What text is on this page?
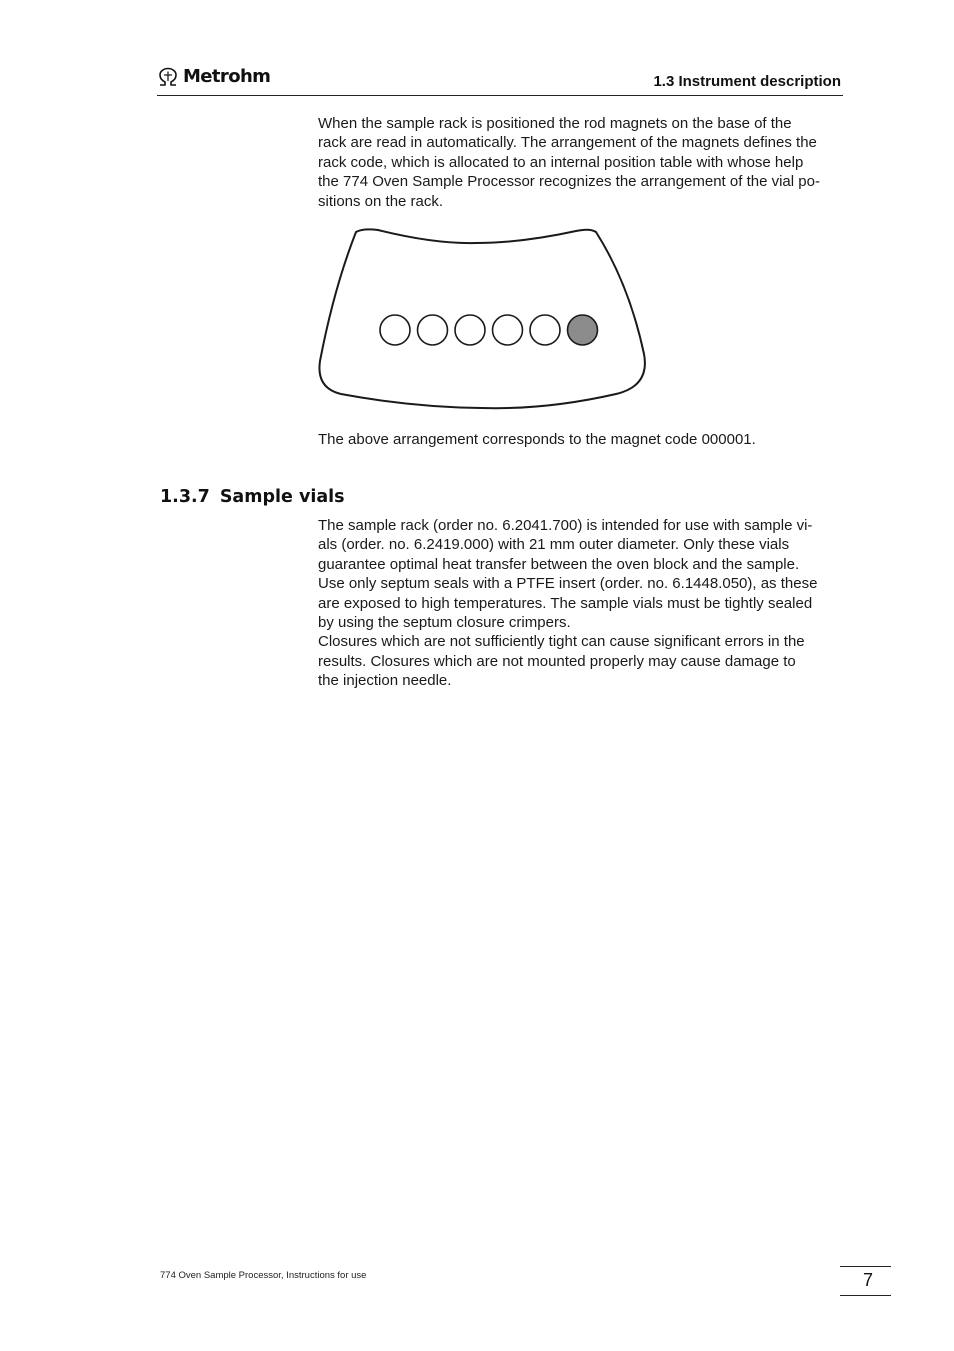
Metrohm	1.3 Instrument description

When the sample rack is positioned the rod magnets on the base of the
rack are read in automatically. The arrangement of the magnets defines the
rack code, which is allocated to an internal position table with whose help
the 774 Oven Sample Processor recognizes the arrangement of the vial po-
sitions on the rack.

The above arrangement corresponds to the magnet code 000001.

1.3.7 Sample vials

The sample rack (order no. 6.2041.700) is intended for use with sample vi-
als (order. no. 6.2419.000) with 21 mm outer diameter. Only these vials
guarantee optimal heat transfer between the oven block and the sample.
Use only septum seals with a PTFE insert (order. no. 6.1448.050), as these
are exposed to high temperatures. The sample vials must be tightly sealed
by using the septum closure crimpers.
Closures which are not sufficiently tight can cause significant errors in the
results. Closures which are not mounted properly may cause damage to
the injection needle.

774 Oven Sample Processor, Instructions for use	7
